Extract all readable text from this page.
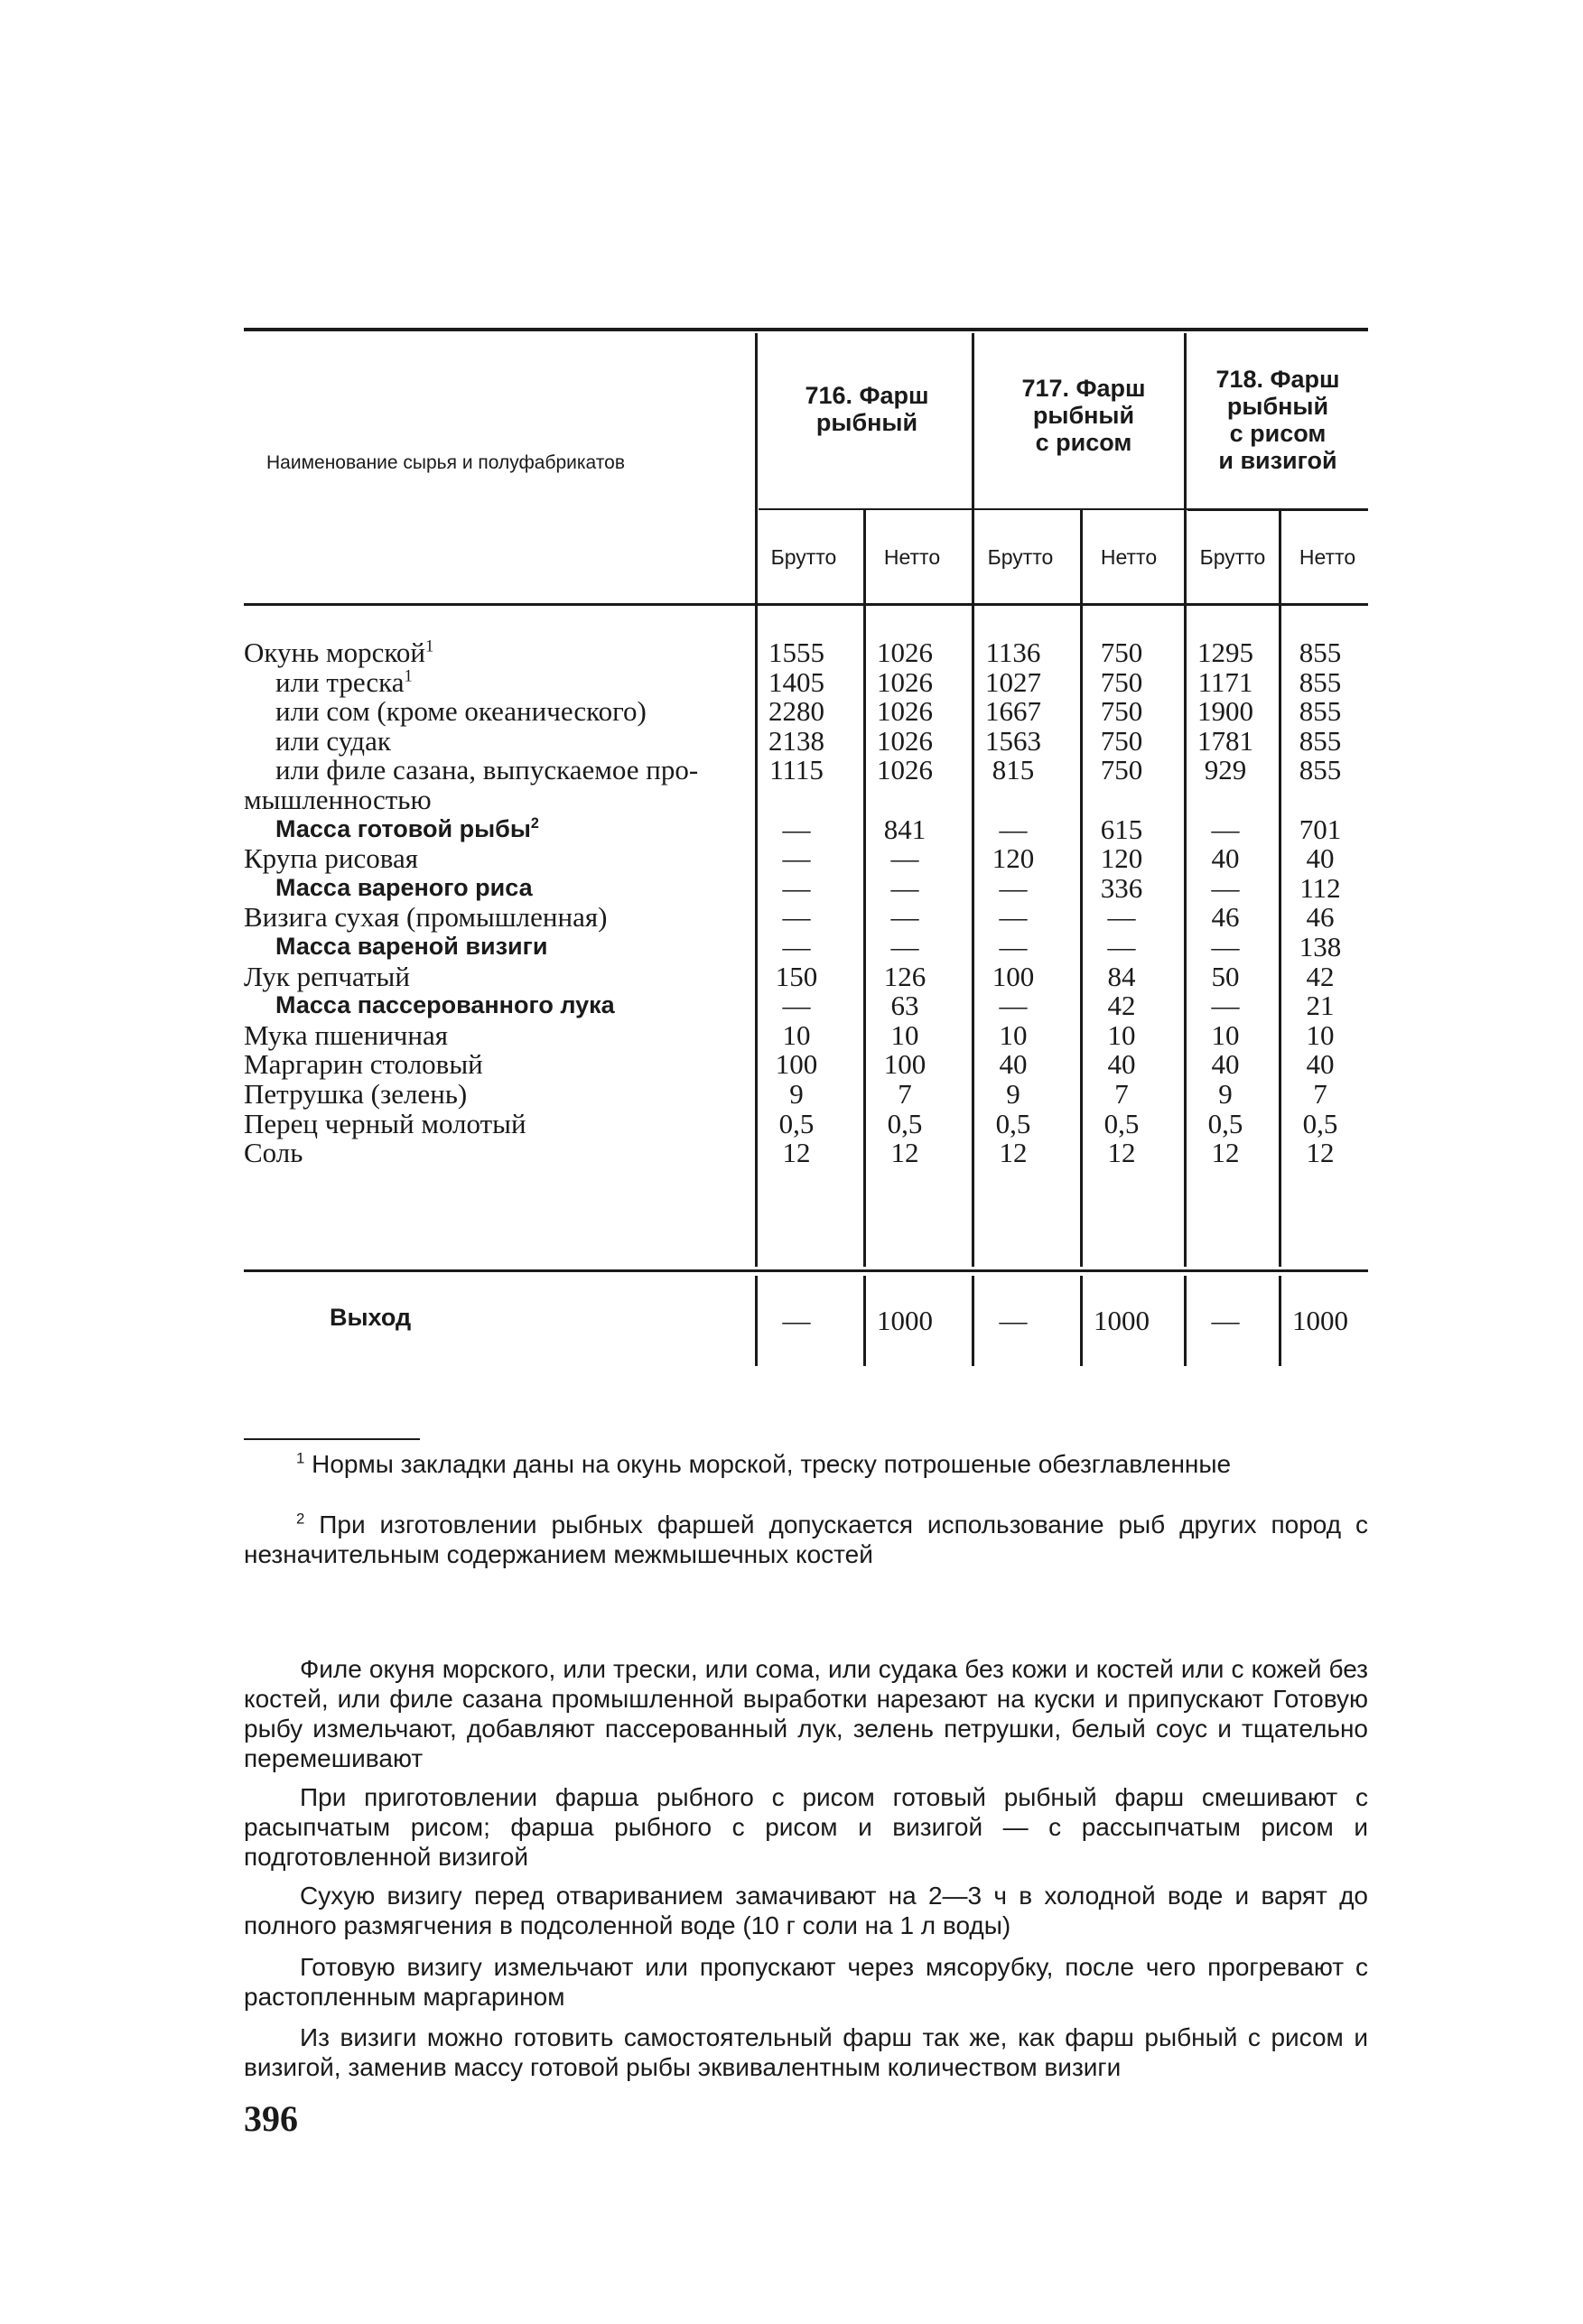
Наименование сырья и полуфабрикатов
716. Фарш
рыбный
717. Фарш
рыбный
с рисом
718. Фарш
рыбный
с рисом
и визигой
Брутто	Нетто	Брутто	Нетто	Брутто	Нетто
Окунь морской$^1$	1555	1026	1136	750	1295	855
или треска$^1$	1405	1026	1027	750	1171	855
или сом (кроме океанического)	2280	1026	1667	750	1900	855
или судак	2138	1026	1563	750	1781	855
или филе сазана, выпускаемое про-	1115	1026	815	750	929	855
мышленностью
Масса готовой рыбы$^2$	—	841	—	615	—	701
Крупа рисовая	—	—	120	120	40	40
Масса вареного риса	—	—	—	336	—	112
Визига сухая (промышленная)	—	—	—	—	46	46
Масса вареной визиги	—	—	—	—	—	138
Лук репчатый	150	126	100	84	50	42
Масса пассерованного лука	—	63	—	42	—	21
Мука пшеничная	10	10	10	10	10	10
Маргарин столовый	100	100	40	40	40	40
Петрушка (зелень)	9	7	9	7	9	7
Перец черный молотый	0,5	0,5	0,5	0,5	0,5	0,5
Соль	12	12	12	12	12	12
Выход	—	1000	—	1000	—	1000
$^1$ Нормы закладки даны на окунь морской, треску потрошеные обезглавленные
$^2$ При изготовлении рыбных фаршей допускается использование рыб других пород с незначительным содержанием межмышечных костей
Филе окуня морского, или трески, или сома, или судака без кожи и костей или с кожей без костей, или филе сазана промышленной выработки нарезают на куски и припускают Готовую рыбу измельчают, добавляют пассерованный лук, зелень петрушки, белый соус и тщательно перемешивают
При приготовлении фарша рыбного с рисом готовый рыбный фарш смешивают с расыпчатым рисом; фарша рыбного с рисом и визигой — с рассыпчатым рисом и подготовленной визигой
Сухую визигу перед отвариванием замачивают на 2—3 ч в холодной воде и варят до полного размягчения в подсоленной воде (10 г соли на 1 л воды)
Готовую визигу измельчают или пропускают через мясорубку, после чего прогревают с растопленным маргарином
Из визиги можно готовить самостоятельный фарш так же, как фарш рыбный с рисом и визигой, заменив массу готовой рыбы эквивалентным количеством визиги
396
